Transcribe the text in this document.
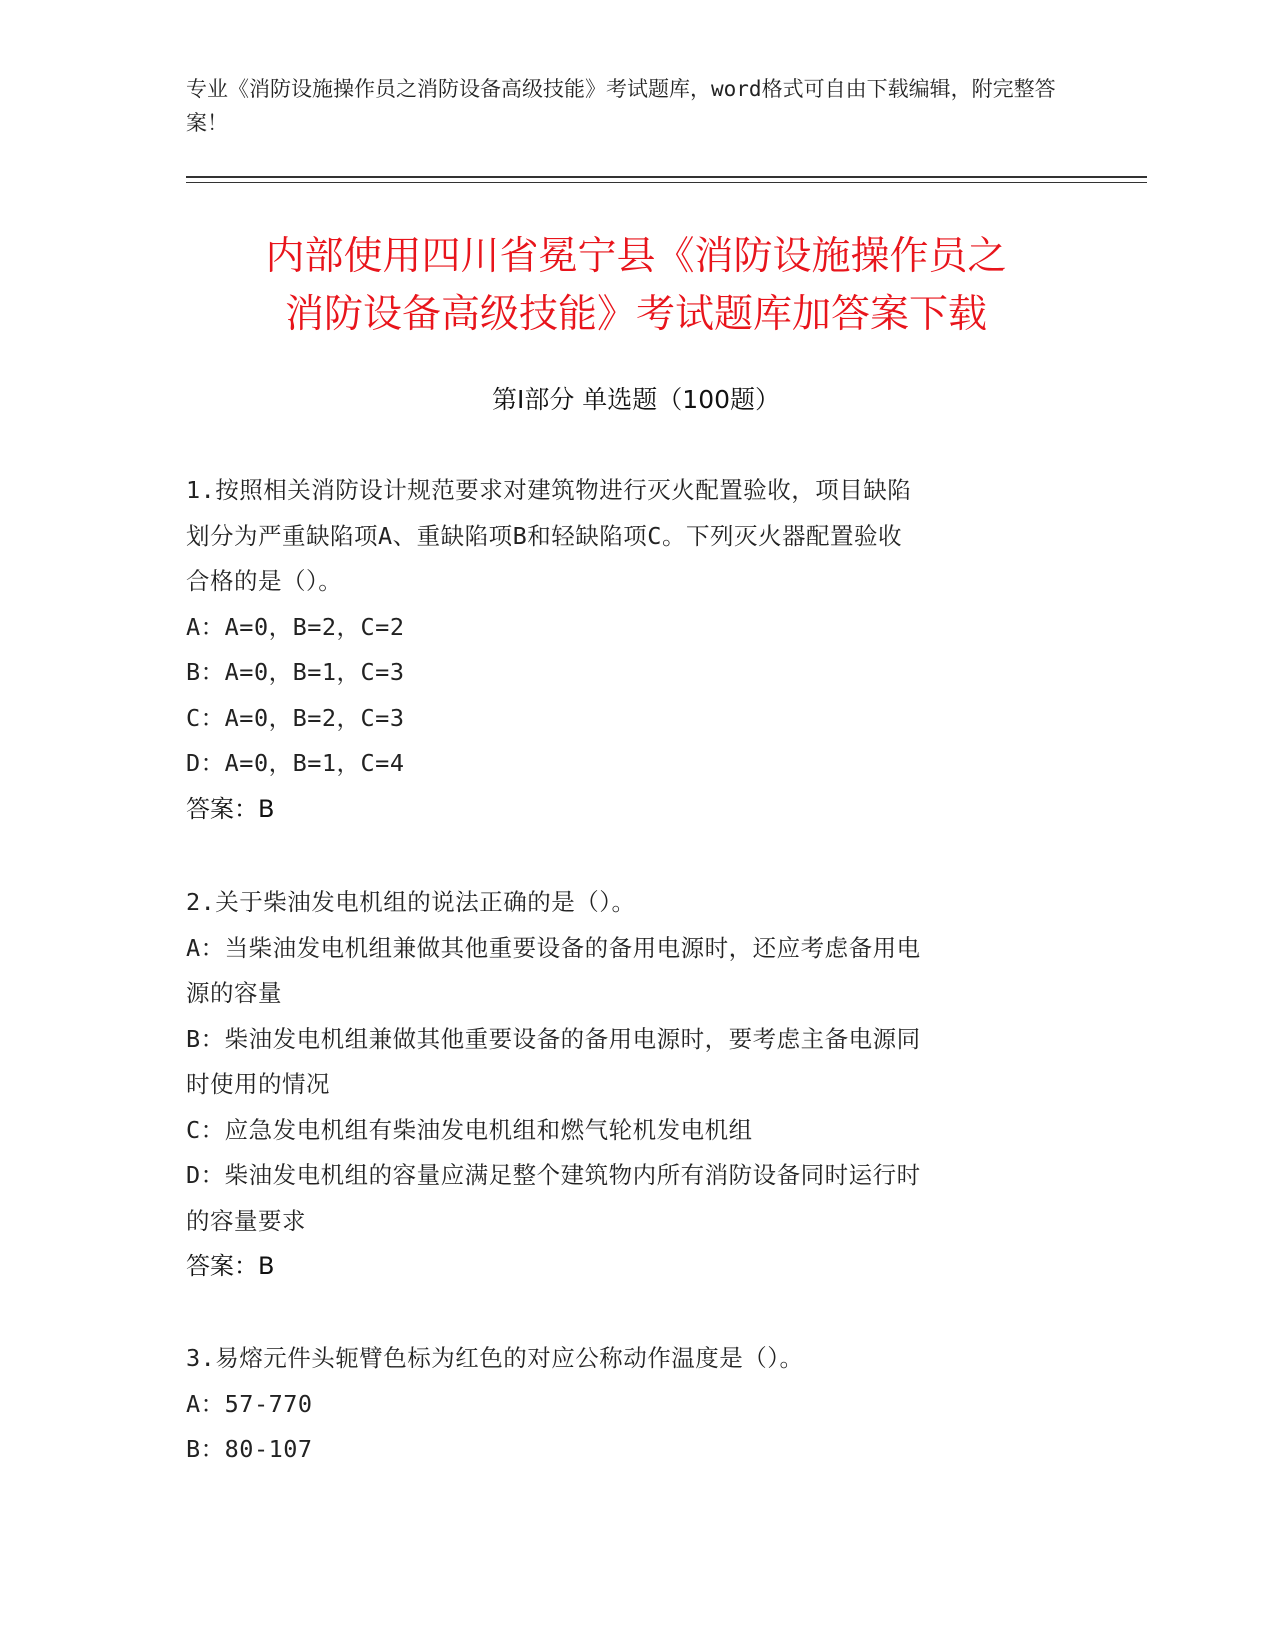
专业《消防设施操作员之消防设备高级技能》考试题库，word格式可自由下载编辑，附完整答案！
内部使用四川省冕宁县《消防设施操作员之
消防设备高级技能》考试题库加答案下载
第Ⅰ部分 单选题（100题）
1.按照相关消防设计规范要求对建筑物进行灭火配置验收，项目缺陷
划分为严重缺陷项A、重缺陷项B和轻缺陷项C。下列灭火器配置验收
合格的是（）。
A：A=0，B=2，C=2
B：A=0，B=1，C=3
C：A=0，B=2，C=3
D：A=0，B=1，C=4
答案：B
2.关于柴油发电机组的说法正确的是（）。
A：当柴油发电机组兼做其他重要设备的备用电源时，还应考虑备用电
源的容量
B：柴油发电机组兼做其他重要设备的备用电源时，要考虑主备电源同
时使用的情况
C：应急发电机组有柴油发电机组和燃气轮机发电机组
D：柴油发电机组的容量应满足整个建筑物内所有消防设备同时运行时
的容量要求
答案：B
3.易熔元件头轭臂色标为红色的对应公称动作温度是（）。
A：57-770
B：80-107
